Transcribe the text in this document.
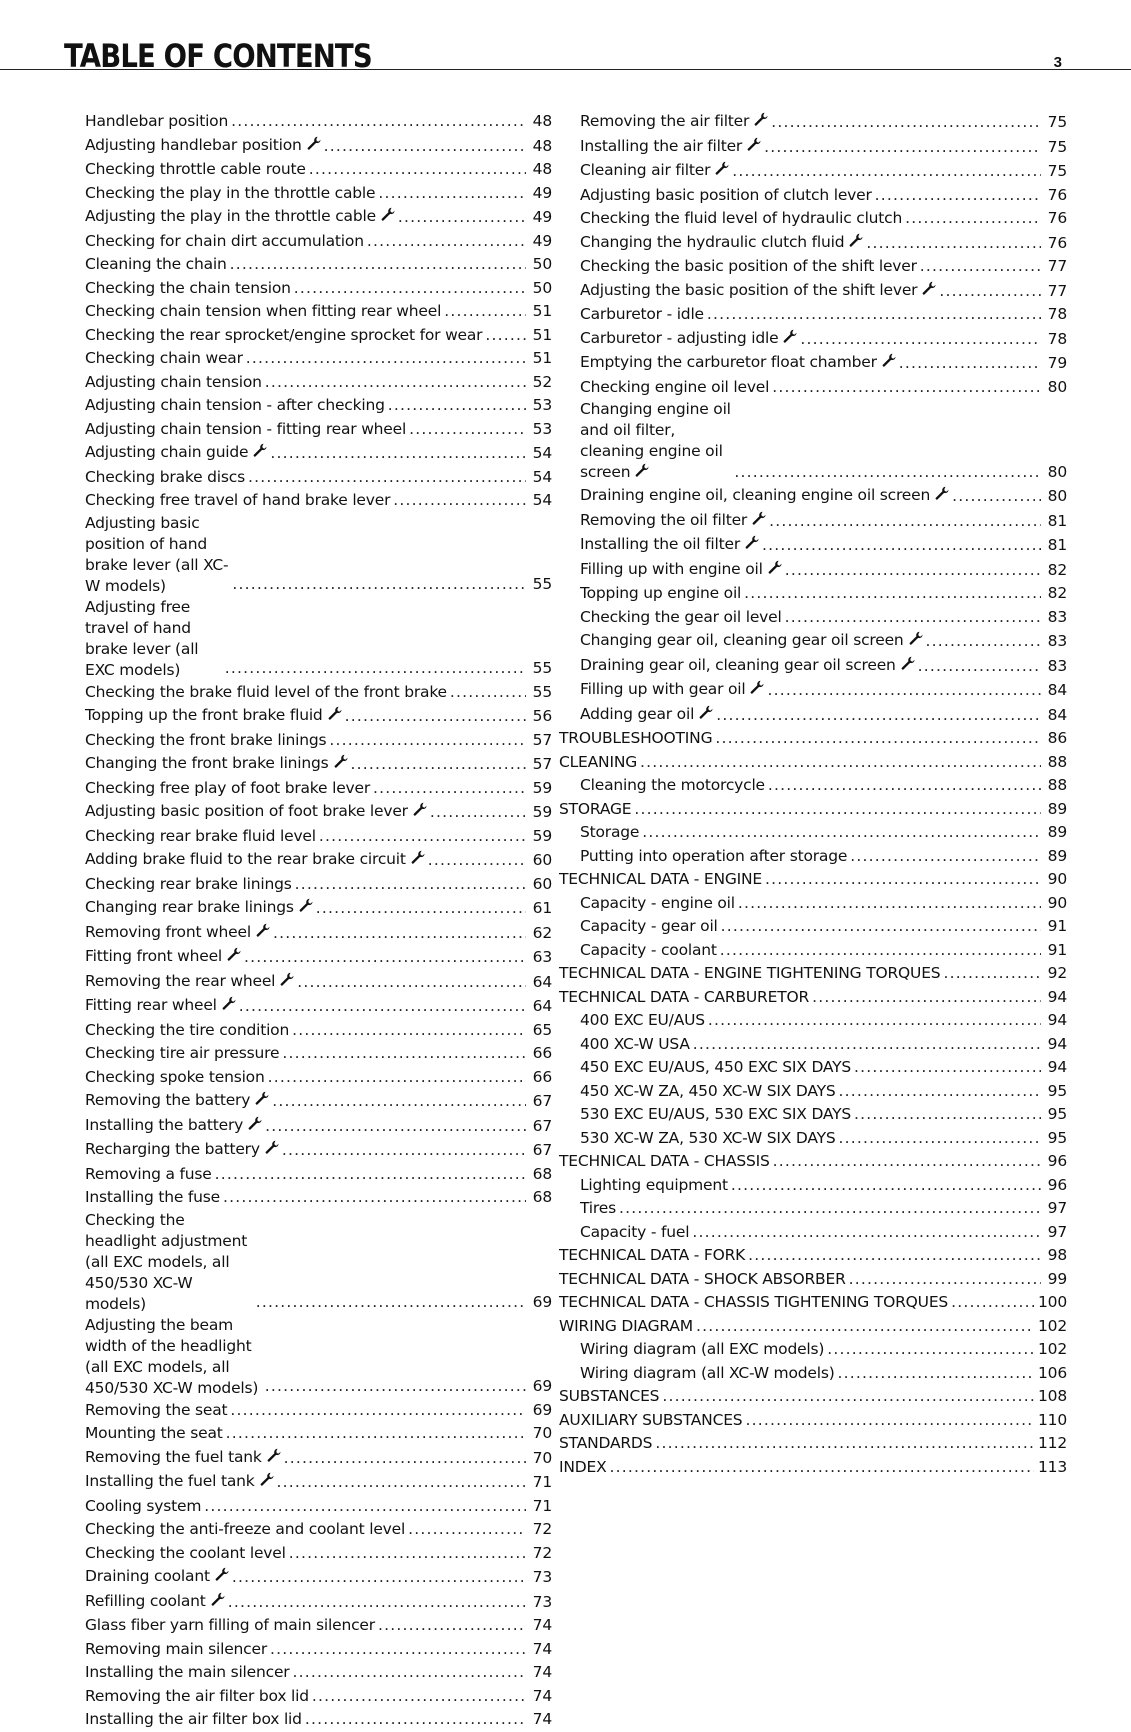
TABLE OF CONTENTS	3
Handlebar position .....	48
Adjusting handlebar position .....	48
Checking throttle cable route .....	48
Checking the play in the throttle cable .....	49
Adjusting the play in the throttle cable .....	49
Checking for chain dirt accumulation .....	49
Cleaning the chain .....	50
Checking the chain tension .....	50
Checking chain tension when fitting rear wheel .....	51
Checking the rear sprocket/engine sprocket for wear .....	51
Checking chain wear .....	51
Adjusting chain tension .....	52
Adjusting chain tension - after checking .....	53
Adjusting chain tension - fitting rear wheel .....	53
Adjusting chain guide .....	54
Checking brake discs .....	54
Checking free travel of hand brake lever .....	54
Adjusting basic position of hand brake lever (all XC-W models) .....	55
Adjusting free travel of hand brake lever (all EXC models) .....	55
Checking the brake fluid level of the front brake .....	55
Topping up the front brake fluid .....	56
Checking the front brake linings .....	57
Changing the front brake linings .....	57
Checking free play of foot brake lever .....	59
Adjusting basic position of foot brake lever .....	59
Checking rear brake fluid level .....	59
Adding brake fluid to the rear brake circuit .....	60
Checking rear brake linings .....	60
Changing rear brake linings .....	61
Removing front wheel .....	62
Fitting front wheel .....	63
Removing the rear wheel .....	64
Fitting rear wheel .....	64
Checking the tire condition .....	65
Checking tire air pressure .....	66
Checking spoke tension .....	66
Removing the battery .....	67
Installing the battery .....	67
Recharging the battery .....	67
Removing a fuse .....	68
Installing the fuse .....	68
Checking the headlight adjustment (all EXC models, all 450/530 XC-W models) .....	69
Adjusting the beam width of the headlight (all EXC models, all 450/530 XC-W models) .....	69
Removing the seat .....	69
Mounting the seat .....	70
Removing the fuel tank .....	70
Installing the fuel tank .....	71
Cooling system .....	71
Checking the anti-freeze and coolant level .....	72
Checking the coolant level .....	72
Draining coolant .....	73
Refilling coolant .....	73
Glass fiber yarn filling of main silencer .....	74
Removing main silencer .....	74
Installing the main silencer .....	74
Removing the air filter box lid .....	74
Installing the air filter box lid .....	74
Removing the air filter .....	75
Installing the air filter .....	75
Cleaning air filter .....	75
Adjusting basic position of clutch lever .....	76
Checking the fluid level of hydraulic clutch .....	76
Changing the hydraulic clutch fluid .....	76
Checking the basic position of the shift lever .....	77
Adjusting the basic position of the shift lever .....	77
Carburetor - idle .....	78
Carburetor - adjusting idle .....	78
Emptying the carburetor float chamber .....	79
Checking engine oil level .....	80
Changing engine oil and oil filter, cleaning engine oil screen .....	80
Draining engine oil, cleaning engine oil screen .....	80
Removing the oil filter .....	81
Installing the oil filter .....	81
Filling up with engine oil .....	82
Topping up engine oil .....	82
Checking the gear oil level .....	83
Changing gear oil, cleaning gear oil screen .....	83
Draining gear oil, cleaning gear oil screen .....	83
Filling up with gear oil .....	84
Adding gear oil .....	84
TROUBLESHOOTING .....	86
CLEANING .....	88
Cleaning the motorcycle .....	88
STORAGE .....	89
Storage .....	89
Putting into operation after storage .....	89
TECHNICAL DATA - ENGINE .....	90
Capacity - engine oil .....	90
Capacity - gear oil .....	91
Capacity - coolant .....	91
TECHNICAL DATA - ENGINE TIGHTENING TORQUES .....	92
TECHNICAL DATA - CARBURETOR .....	94
400 EXC EU/AUS .....	94
400 XC-W USA .....	94
450 EXC EU/AUS, 450 EXC SIX DAYS .....	94
450 XC-W ZA, 450 XC-W SIX DAYS .....	95
530 EXC EU/AUS, 530 EXC SIX DAYS .....	95
530 XC-W ZA, 530 XC-W SIX DAYS .....	95
TECHNICAL DATA - CHASSIS .....	96
Lighting equipment .....	96
Tires .....	97
Capacity - fuel .....	97
TECHNICAL DATA - FORK .....	98
TECHNICAL DATA - SHOCK ABSORBER .....	99
TECHNICAL DATA - CHASSIS TIGHTENING TORQUES .....	100
WIRING DIAGRAM .....	102
Wiring diagram (all EXC models) .....	102
Wiring diagram (all XC-W models) .....	106
SUBSTANCES .....	108
AUXILIARY SUBSTANCES .....	110
STANDARDS .....	112
INDEX .....	113
